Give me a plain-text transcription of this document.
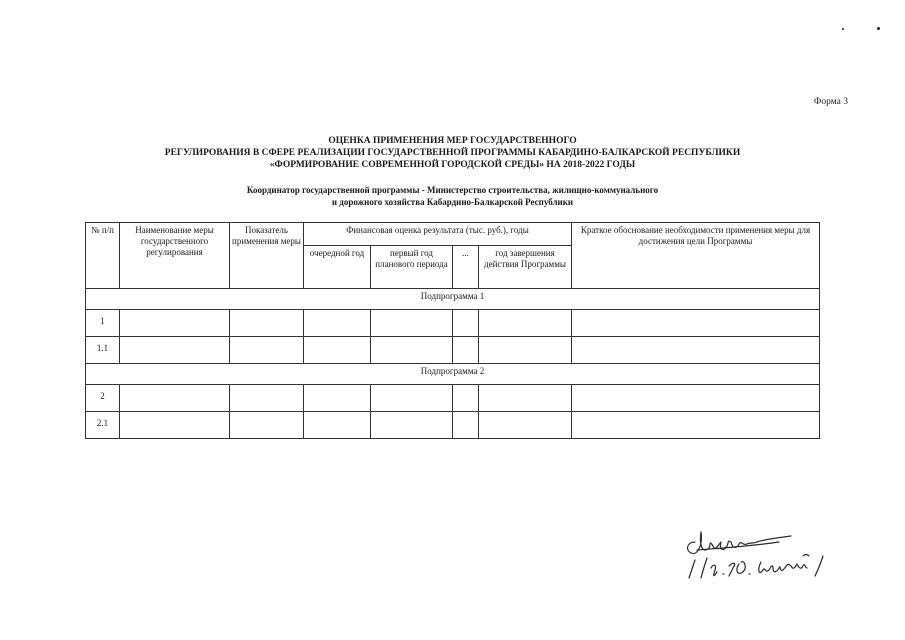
Форма 3
ОЦЕНКА ПРИМЕНЕНИЯ МЕР ГОСУДАРСТВЕННОГО
РЕГУЛИРОВАНИЯ В СФЕРЕ РЕАЛИЗАЦИИ ГОСУДАРСТВЕННОЙ ПРОГРАММЫ КАБАРДИНО-БАЛКАРСКОЙ РЕСПУБЛИКИ
«ФОРМИРОВАНИЕ СОВРЕМЕННОЙ ГОРОДСКОЙ СРЕДЫ» НА 2018-2022 ГОДЫ
Координатор государственной программы - Министерство строительства, жилищно-коммунального
и дорожного хозяйства Кабардино-Балкарской Республики
№ п/п	Наименование меры государственного регулирования	Показатель применения меры	Финансовая оценка результата (тыс. руб.), годы				Краткое обоснование необходимости применения меры для достижения цели Программы
			очередной год	первый год планового периода	...	год завершения действия Программы	
Подпрограмма 1							
1							
1.1							
Подпрограмма 2							
2							
2.1							
